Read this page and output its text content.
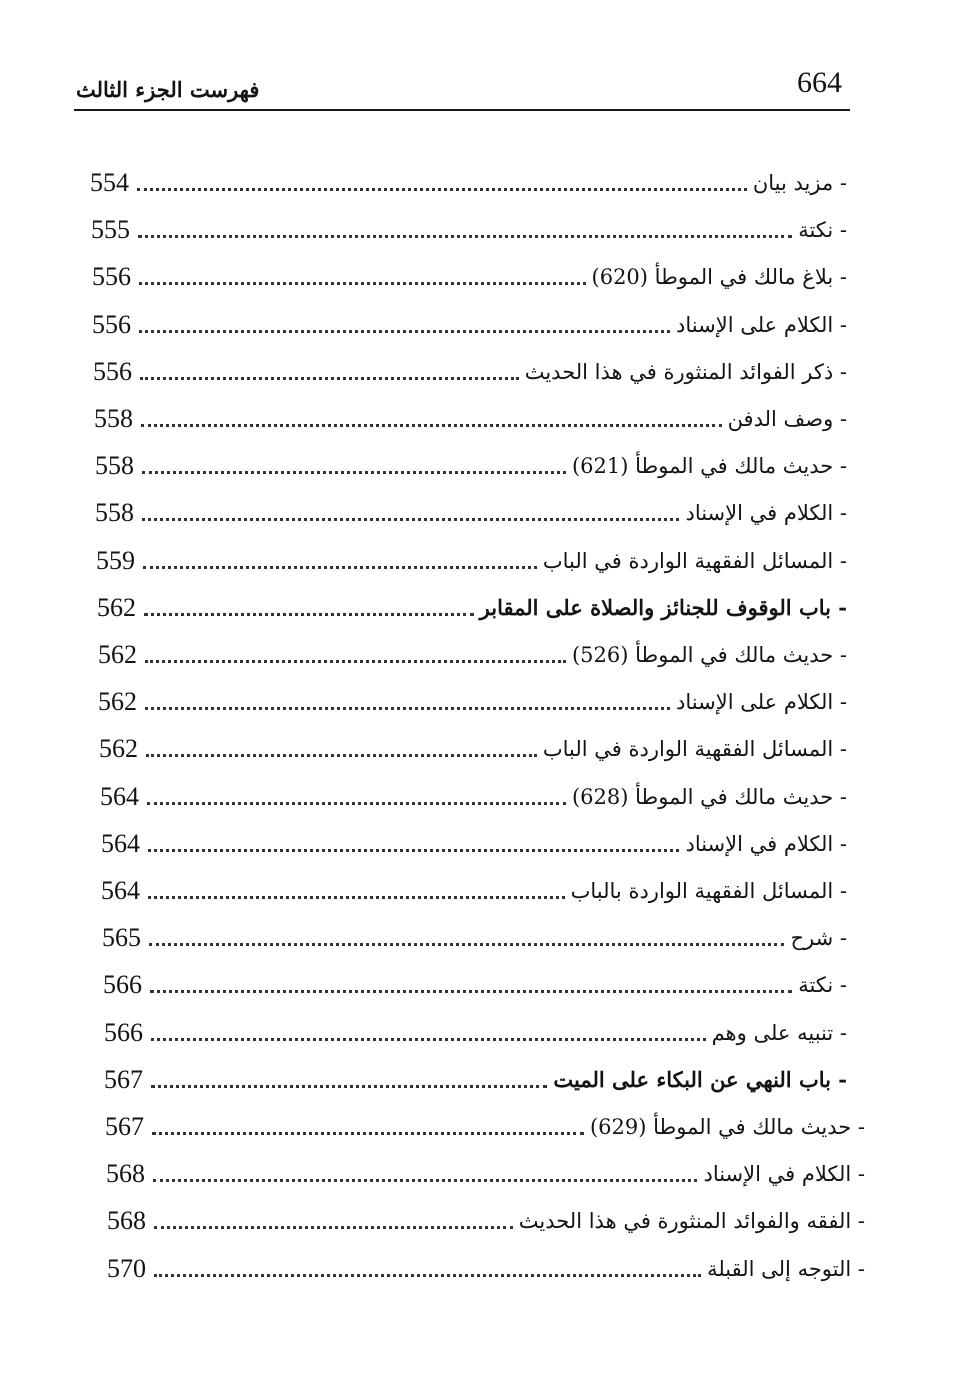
664
فهرست الجزء الثالث
- مزيد بيان
554
- نكتة
555
- بلاغ مالك في الموطأ (620)
556
- الكلام على الإسناد
556
- ذكر الفوائد المنثورة في هذا الحديث
556
- وصف الدفن
558
- حديث مالك في الموطأ (621)
558
- الكلام في الإسناد
558
- المسائل الفقهية الواردة في الباب
559
- باب الوقوف للجنائز والصلاة على المقابر
562
- حديث مالك في الموطأ (526)
562
- الكلام على الإسناد
562
- المسائل الفقهية الواردة في الباب
562
- حديث مالك في الموطأ (628)
564
- الكلام في الإسناد
564
- المسائل الفقهية الواردة بالباب
564
- شرح
565
- نكتة
566
- تنبيه على وهم
566
- باب النهي عن البكاء على الميت
567
- حديث مالك في الموطأ (629)
567
- الكلام في الإسناد
568
- الفقه والفوائد المنثورة في هذا الحديث
568
- التوجه إلى القبلة
570
